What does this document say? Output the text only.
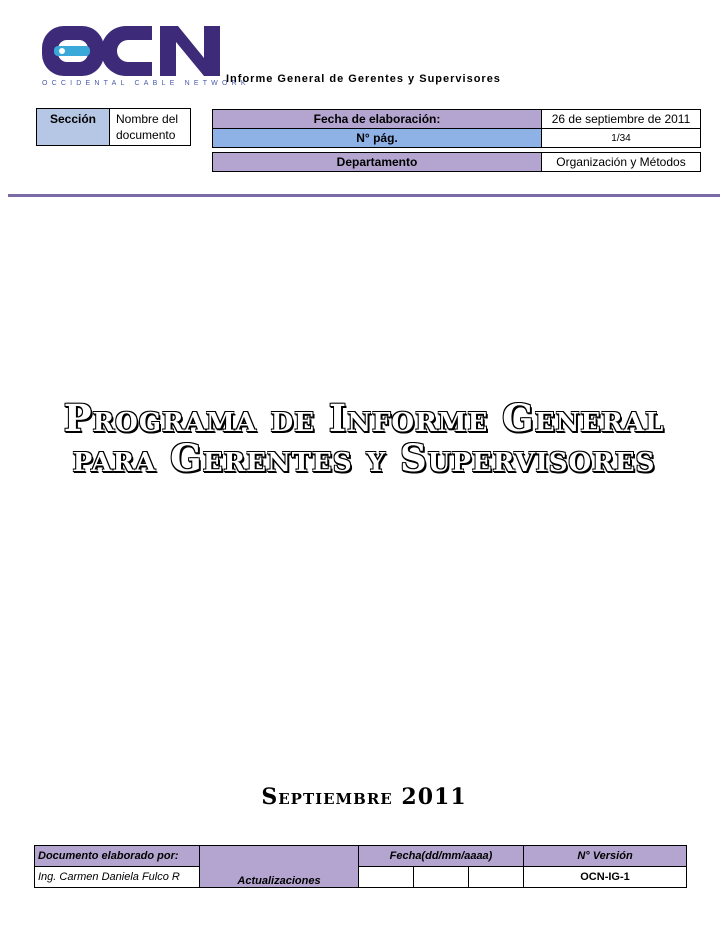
OCCIDENTAL CABLE NETWORK
Informe General de Gerentes y Supervisores
Sección	Nombre del documento
Fecha de elaboración:	26 de septiembre de 2011
N° pág.	1/34

Departamento	Organización y Métodos
Programa de Informe General
para Gerentes y Supervisores
Septiembre 2011
Documento elaborado por:	Actualizaciones	Fecha(dd/mm/aaaa)			N° Versión
Ing. Carmen Daniela Fulco R					OCN-IG-1
